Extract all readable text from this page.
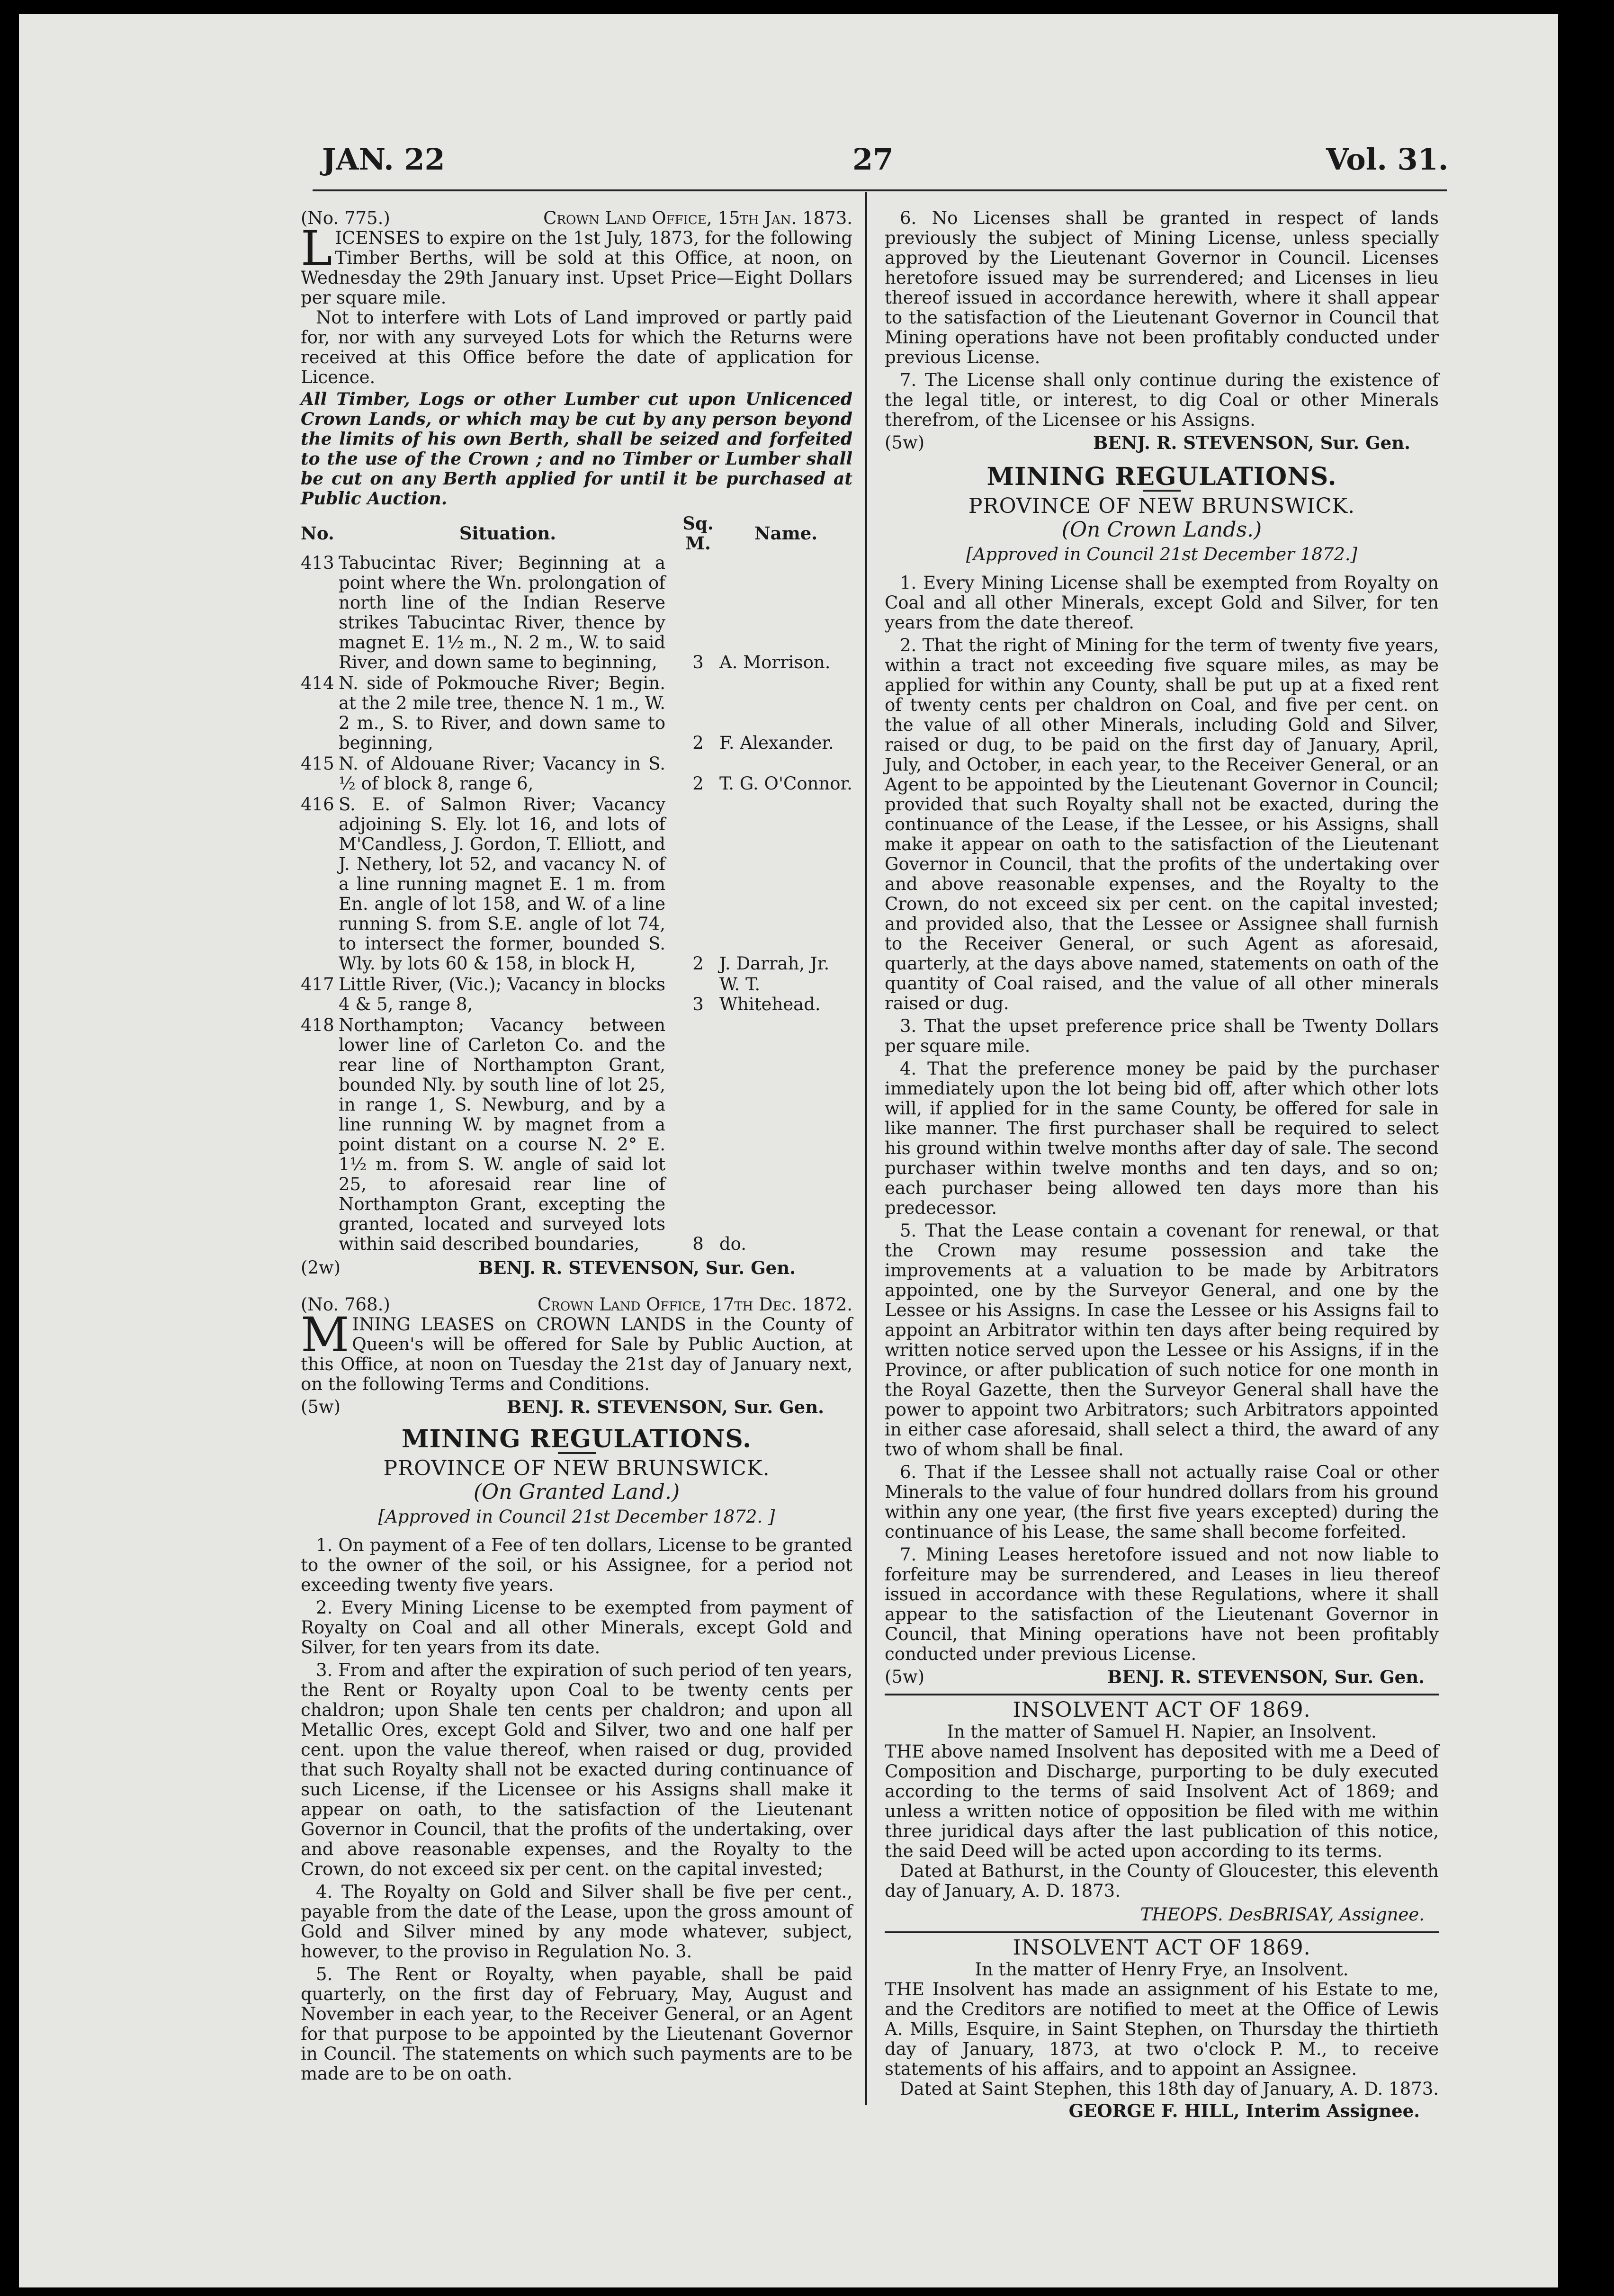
JAN. 22	27	Vol. 31.
(No. 775.)	Crown Land Office, 15th Jan. 1873.

LICENSES to expire on the 1st July, 1873, for the following Timber Berths, will be sold at this Office, at noon, on Wednesday the 29th January inst. Upset Price—Eight Dollars per square mile.

Not to interfere with Lots of Land improved or partly paid for, nor with any surveyed Lots for which the Returns were received at this Office before the date of application for Licence.

All Timber, Logs or other Lumber cut upon Unlicenced Crown Lands, or which may be cut by any person beyond the limits of his own Berth, shall be seized and forfeited to the use of the Crown ; and no Timber or Lumber shall be cut on any Berth applied for until it be purchased at Public Auction.

No.	Situation.	Sq. M.	Name.
413	Tabucintac River; Beginning at a point where the Wn. prolongation of north line of the Indian Reserve strikes Tabucintac River, thence by magnet E. 1½ m., N. 2 m., W. to said River, and down same to beginning,	3	A. Morrison.
414	N. side of Pokmouche River; Begin. at the 2 mile tree, thence N. 1 m., W. 2 m., S. to River, and down same to beginning,	2	F. Alexander.
415	N. of Aldouane River; Vacancy in S. ½ of block 8, range 6,	2	T. G. O'Connor.
416	S. E. of Salmon River; Vacancy adjoining S. Ely. lot 16, and lots of M'Candless, J. Gordon, T. Elliott, and J. Nethery, lot 52, and vacancy N. of a line running magnet E. 1 m. from En. angle of lot 158, and W. of a line running S. from S.E. angle of lot 74, to intersect the former, bounded S. Wly. by lots 60 & 158, in block H,	2	J. Darrah, Jr.
417	Little River, (Vic.); Vacancy in blocks 4 & 5, range 8,	3	W. T. Whitehead.
418	Northampton; Vacancy between lower line of Carleton Co. and the rear line of Northampton Grant, bounded Nly. by south line of lot 25, in range 1, S. Newburg, and by a line running W. by magnet from a point distant on a course N. 2° E. 1½ m. from S. W. angle of said lot 25, to aforesaid rear line of Northampton Grant, excepting the granted, located and surveyed lots within said described boundaries,	8	do.
(2w)	BENJ. R. STEVENSON, Sur. Gen.
(No. 768.)	Crown Land Office, 17th Dec. 1872.

MINING LEASES on CROWN LANDS in the County of Queen's will be offered for Sale by Public Auction, at this Office, at noon on Tuesday the 21st day of January next, on the following Terms and Conditions.

(5w)	BENJ. R. STEVENSON, Sur. Gen.
MINING REGULATIONS.
PROVINCE OF NEW BRUNSWICK.
(On Granted Land.)
[Approved in Council 21st December 1872. ]

1. On payment of a Fee of ten dollars, License to be granted to the owner of the soil, or his Assignee, for a period not exceeding twenty five years.

2. Every Mining License to be exempted from payment of Royalty on Coal and all other Minerals, except Gold and Silver, for ten years from its date.

3. From and after the expiration of such period of ten years, the Rent or Royalty upon Coal to be twenty cents per chaldron; upon Shale ten cents per chaldron; and upon all Metallic Ores, except Gold and Silver, two and one half per cent. upon the value thereof, when raised or dug, provided that such Royalty shall not be exacted during continuance of such License, if the Licensee or his Assigns shall make it appear on oath, to the satisfaction of the Lieutenant Governor in Council, that the profits of the undertaking, over and above reasonable expenses, and the Royalty to the Crown, do not exceed six per cent. on the capital invested;

4. The Royalty on Gold and Silver shall be five per cent., payable from the date of the Lease, upon the gross amount of Gold and Silver mined by any mode whatever, subject, however, to the proviso in Regulation No. 3.

5. The Rent or Royalty, when payable, shall be paid quarterly, on the first day of February, May, August and November in each year, to the Receiver General, or an Agent for that purpose to be appointed by the Lieutenant Governor in Council. The statements on which such payments are to be made are to be on oath.

6. No Licenses shall be granted in respect of lands previously the subject of Mining License, unless specially approved by the Lieutenant Governor in Council. Licenses heretofore issued may be surrendered; and Licenses in lieu thereof issued in accordance herewith, where it shall appear to the satisfaction of the Lieutenant Governor in Council that Mining operations have not been profitably conducted under previous License.

7. The License shall only continue during the existence of the legal title, or interest, to dig Coal or other Minerals therefrom, of the Licensee or his Assigns.

(5w)	BENJ. R. STEVENSON, Sur. Gen.
MINING REGULATIONS.
PROVINCE OF NEW BRUNSWICK.
(On Crown Lands.)
[Approved in Council 21st December 1872.]

1. Every Mining License shall be exempted from Royalty on Coal and all other Minerals, except Gold and Silver, for ten years from the date thereof.

2. That the right of Mining for the term of twenty five years, within a tract not exceeding five square miles, as may be applied for within any County, shall be put up at a fixed rent of twenty cents per chaldron on Coal, and five per cent. on the value of all other Minerals, including Gold and Silver, raised or dug, to be paid on the first day of January, April, July, and October, in each year, to the Receiver General, or an Agent to be appointed by the Lieutenant Governor in Council; provided that such Royalty shall not be exacted, during the continuance of the Lease, if the Lessee, or his Assigns, shall make it appear on oath to the satisfaction of the Lieutenant Governor in Council, that the profits of the undertaking over and above reasonable expenses, and the Royalty to the Crown, do not exceed six per cent. on the capital invested; and provided also, that the Lessee or Assignee shall furnish to the Receiver General, or such Agent as aforesaid, quarterly, at the days above named, statements on oath of the quantity of Coal raised, and the value of all other minerals raised or dug.

3. That the upset preference price shall be Twenty Dollars per square mile.

4. That the preference money be paid by the purchaser immediately upon the lot being bid off, after which other lots will, if applied for in the same County, be offered for sale in like manner. The first purchaser shall be required to select his ground within twelve months after day of sale. The second purchaser within twelve months and ten days, and so on; each purchaser being allowed ten days more than his predecessor.

5. That the Lease contain a covenant for renewal, or that the Crown may resume possession and take the improvements at a valuation to be made by Arbitrators appointed, one by the Surveyor General, and one by the Lessee or his Assigns. In case the Lessee or his Assigns fail to appoint an Arbitrator within ten days after being required by written notice served upon the Lessee or his Assigns, if in the Province, or after publication of such notice for one month in the Royal Gazette, then the Surveyor General shall have the power to appoint two Arbitrators; such Arbitrators appointed in either case aforesaid, shall select a third, the award of any two of whom shall be final.

6. That if the Lessee shall not actually raise Coal or other Minerals to the value of four hundred dollars from his ground within any one year, (the first five years excepted) during the continuance of his Lease, the same shall become forfeited.

7. Mining Leases heretofore issued and not now liable to forfeiture may be surrendered, and Leases in lieu thereof issued in accordance with these Regulations, where it shall appear to the satisfaction of the Lieutenant Governor in Council, that Mining operations have not been profitably conducted under previous License.

(5w)	BENJ. R. STEVENSON, Sur. Gen.
INSOLVENT ACT OF 1869.
In the matter of Samuel H. Napier, an Insolvent.

THE above named Insolvent has deposited with me a Deed of Composition and Discharge, purporting to be duly executed according to the terms of said Insolvent Act of 1869; and unless a written notice of opposition be filed with me within three juridical days after the last publication of this notice, the said Deed will be acted upon according to its terms.

Dated at Bathurst, in the County of Gloucester, this eleventh day of January, A. D. 1873.

THEOPS. DesBRISAY, Assignee.
INSOLVENT ACT OF 1869.
In the matter of Henry Frye, an Insolvent.

THE Insolvent has made an assignment of his Estate to me, and the Creditors are notified to meet at the Office of Lewis A. Mills, Esquire, in Saint Stephen, on Thursday the thirtieth day of January, 1873, at two o'clock P. M., to receive statements of his affairs, and to appoint an Assignee.

Dated at Saint Stephen, this 18th day of January, A. D. 1873.

GEORGE F. HILL, Interim Assignee.
